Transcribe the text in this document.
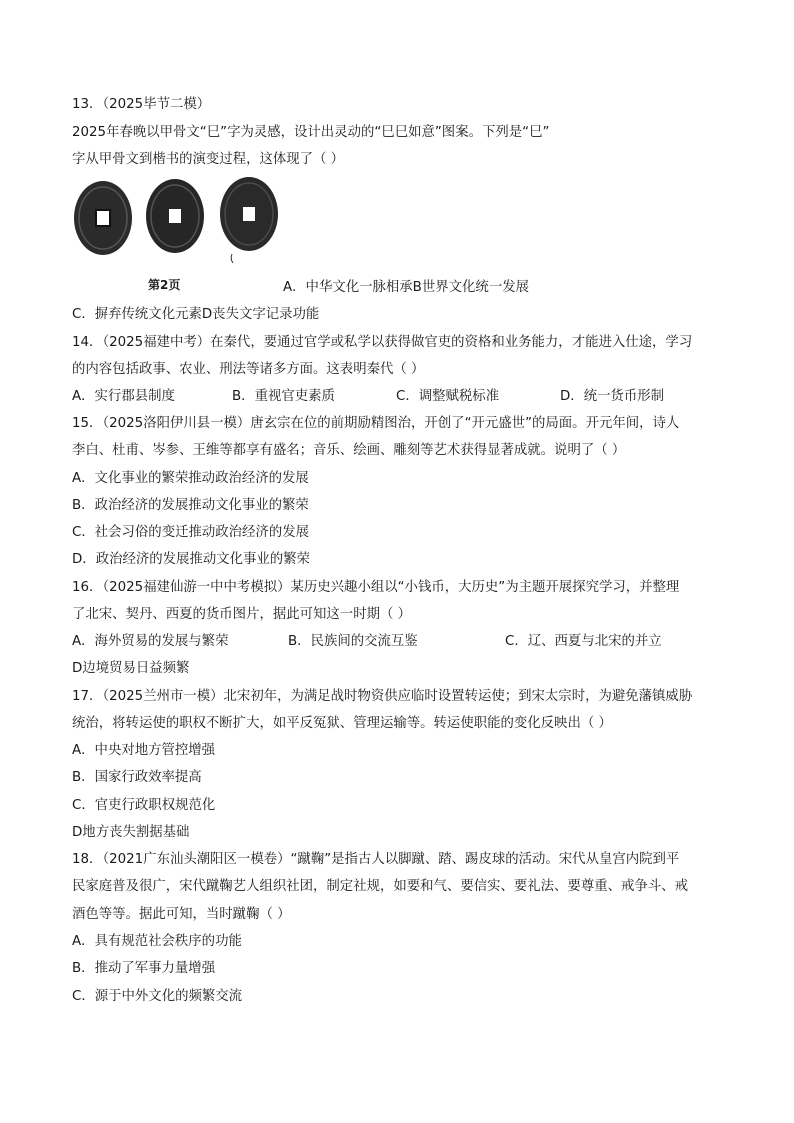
13．（2025毕节二模）
2025年春晚以甲骨文“巳”字为灵感，设计出灵动的“巳巳如意”图案。下列是“巳”
字从甲骨文到楷书的演变过程，这体现了（ ）
第2页	A．中华文化一脉相承B世界文化统一发展
C．摒弃传统文化元素D丧失文字记录功能
14．（2025福建中考）在秦代，要通过官学或私学以获得做官吏的资格和业务能力，才能进入仕途，学习
的内容包括政事、农业、刑法等诸多方面。这表明秦代（ ）
A．实行郡县制度	B．重视官吏素质	C．调整赋税标准	D．统一货币形制
15．（2025洛阳伊川县一模）唐玄宗在位的前期励精图治，开创了“开元盛世”的局面。开元年间，诗人
李白、杜甫、岑参、王维等都享有盛名；音乐、绘画、雕刻等艺术获得显著成就。说明了（ ）
A．文化事业的繁荣推动政治经济的发展
B．政治经济的发展推动文化事业的繁荣
C．社会习俗的变迁推动政治经济的发展
D．政治经济的发展推动文化事业的繁荣
16．（2025福建仙游一中中考模拟）某历史兴趣小组以“小钱币，大历史”为主题开展探究学习，并整理
了北宋、契丹、西夏的货币图片，据此可知这一时期（ ）
A．海外贸易的发展与繁荣	B．民族间的交流互鉴	C．辽、西夏与北宋的并立
D边境贸易日益频繁
17．（2025兰州市一模）北宋初年，为满足战时物资供应临时设置转运使；到宋太宗时，为避免藩镇威胁
统治，将转运使的职权不断扩大，如平反冤狱、管理运输等。转运使职能的变化反映出（ ）
A．中央对地方管控增强
B．国家行政效率提高
C．官吏行政职权规范化
D地方丧失割据基础
18．（2021广东汕头潮阳区一模卷）“蹴鞠”是指古人以脚蹴、踏、踢皮球的活动。宋代从皇宫内院到平
民家庭普及很广，宋代蹴鞠艺人组织社团，制定社规，如要和气、要信实、要礼法、要尊重、戒争斗、戒
酒色等等。据此可知，当时蹴鞠（ ）
A．具有规范社会秩序的功能
B．推动了军事力量增强
C．源于中外文化的频繁交流
